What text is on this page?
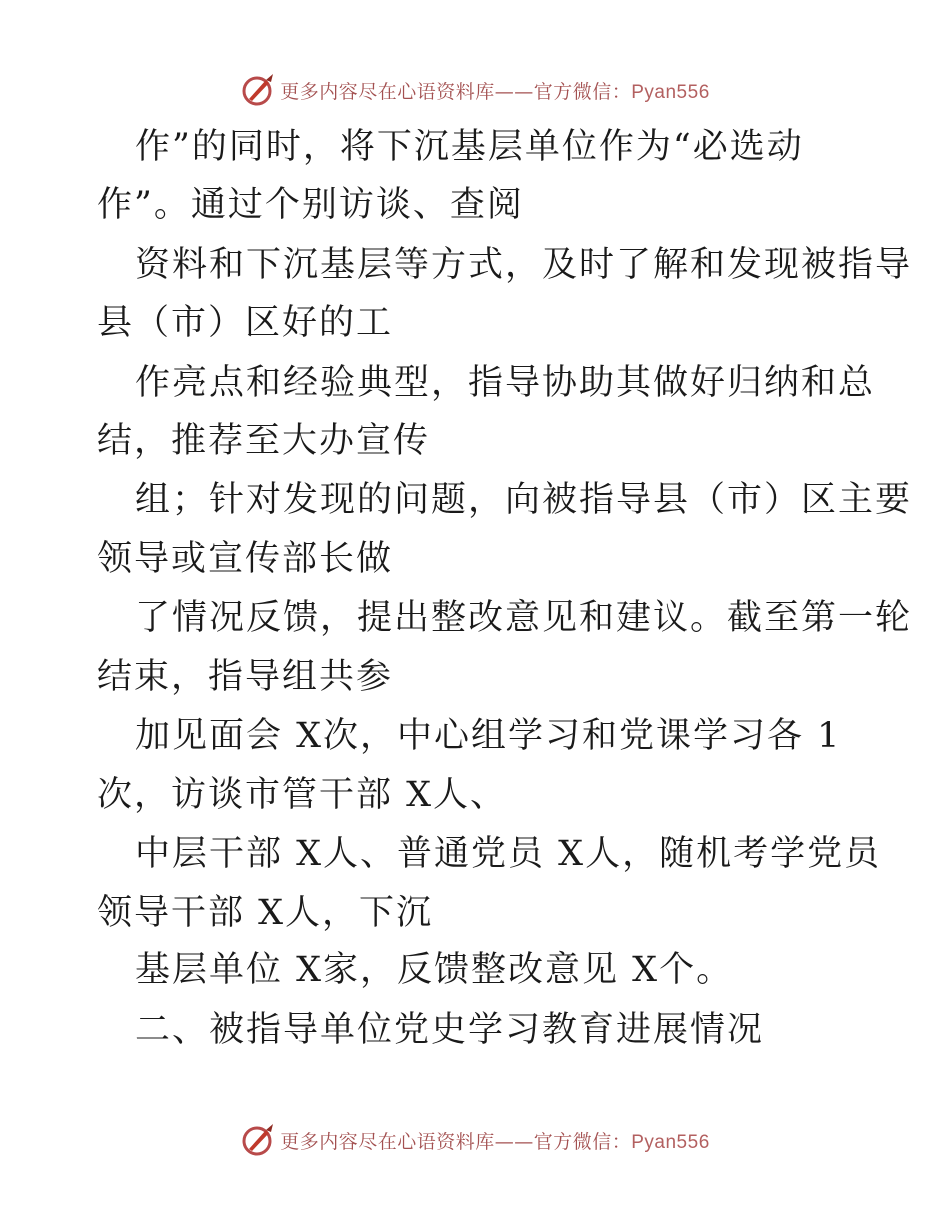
更多内容尽在心语资料库——官方微信：Pyan556
作”的同时，将下沉基层单位作为“必选动
作”。通过个别访谈、查阅
资料和下沉基层等方式，及时了解和发现被指导
县（市）区好的工
作亮点和经验典型，指导协助其做好归纳和总
结，推荐至大办宣传
组；针对发现的问题，向被指导县（市）区主要
领导或宣传部长做
了情况反馈，提出整改意见和建议。截至第一轮
结束，指导组共参
加见面会 X次，中心组学习和党课学习各 1
次，访谈市管干部 X人、
中层干部 X人、普通党员 X人，随机考学党员
领导干部 X人，下沉
基层单位 X家，反馈整改意见 X个。
二、被指导单位党史学习教育进展情况
更多内容尽在心语资料库——官方微信：Pyan556
